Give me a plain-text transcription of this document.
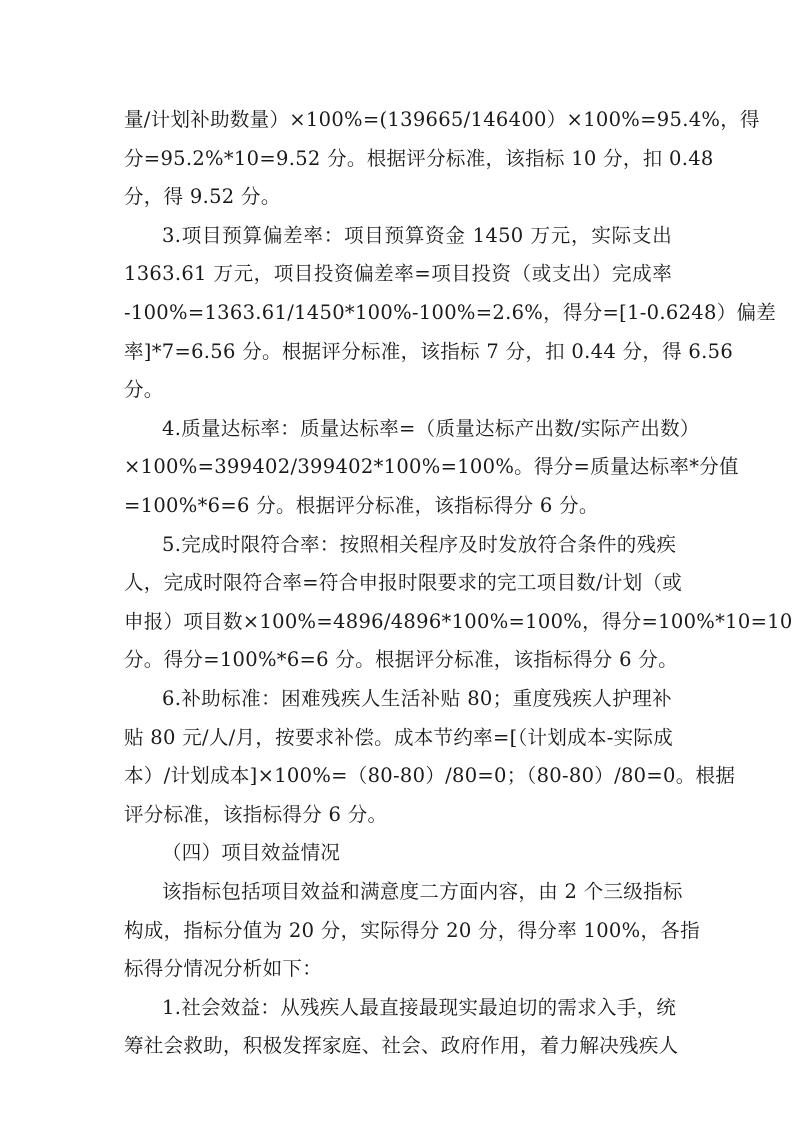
量/计划补助数量）×100%=(139665/146400）×100%=95.4%，得
分=95.2%*10=9.52 分。根据评分标准，该指标 10 分，扣 0.48
分，得 9.52 分。
3.项目预算偏差率：项目预算资金 1450 万元，实际支出
1363.61 万元，项目投资偏差率=项目投资（或支出）完成率
-100%=1363.61/1450*100%-100%=2.6%，得分=[1-0.6248）偏差
率]*7=6.56 分。根据评分标准，该指标 7 分，扣 0.44 分，得 6.56
分。
4.质量达标率：质量达标率=（质量达标产出数/实际产出数）
×100%=399402/399402*100%=100%。得分=质量达标率*分值
=100%*6=6 分。根据评分标准，该指标得分 6 分。
5.完成时限符合率：按照相关程序及时发放符合条件的残疾
人，完成时限符合率=符合申报时限要求的完工项目数/计划（或
申报）项目数×100%=4896/4896*100%=100%，得分=100%*10=10
分。得分=100%*6=6 分。根据评分标准，该指标得分 6 分。
6.补助标准：困难残疾人生活补贴 80；重度残疾人护理补
贴 80 元/人/月，按要求补偿。成本节约率=[（计划成本-实际成
本）/计划成本]×100%=（80-80）/80=0；（80-80）/80=0。根据
评分标准，该指标得分 6 分。
（四）项目效益情况
该指标包括项目效益和满意度二方面内容，由 2 个三级指标
构成，指标分值为 20 分，实际得分 20 分，得分率 100%，各指
标得分情况分析如下：
1.社会效益：从残疾人最直接最现实最迫切的需求入手，统
筹社会救助，积极发挥家庭、社会、政府作用，着力解决残疾人
